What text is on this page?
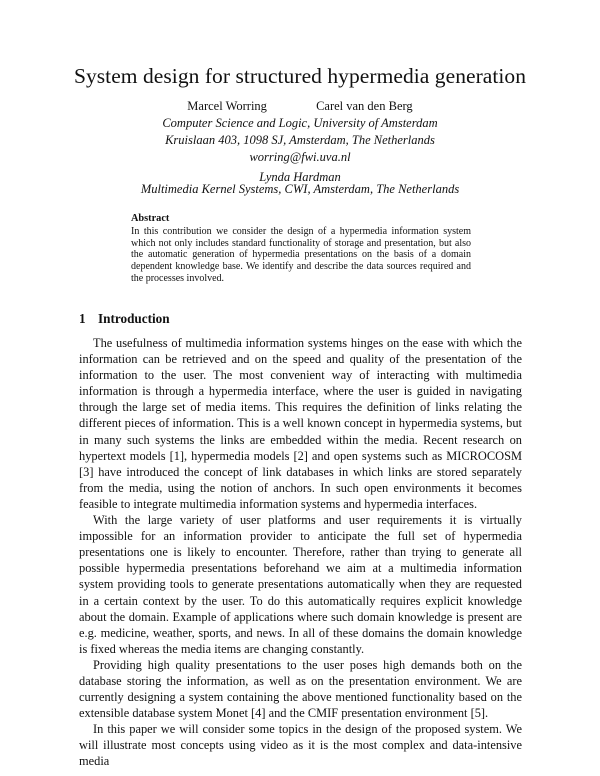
System design for structured hypermedia generation
Marcel Worring	Carel van den Berg
Computer Science and Logic, University of Amsterdam
Kruislaan 403, 1098 SJ, Amsterdam, The Netherlands
worring@fwi.uva.nl
Lynda Hardman
Multimedia Kernel Systems, CWI, Amsterdam, The Netherlands
Abstract
In this contribution we consider the design of a hypermedia information system which not only includes standard functionality of storage and presentation, but also the automatic generation of hypermedia presentations on the basis of a domain dependent knowledge base. We identify and describe the data sources required and the processes involved.
1 Introduction

The usefulness of multimedia information systems hinges on the ease with which the information can be retrieved and on the speed and quality of the presentation of the information to the user. The most convenient way of interacting with multimedia information is through a hypermedia interface, where the user is guided in navigating through the large set of media items. This requires the definition of links relating the different pieces of information. This is a well known concept in hypermedia systems, but in many such systems the links are embedded within the media. Recent research on hypertext models [1], hypermedia models [2] and open systems such as MICROCOSM [3] have introduced the concept of link databases in which links are stored separately from the media, using the notion of anchors. In such open environments it becomes feasible to integrate multimedia information systems and hypermedia interfaces.

With the large variety of user platforms and user requirements it is virtually impossible for an information provider to anticipate the full set of hypermedia presentations one is likely to encounter. Therefore, rather than trying to generate all possible hypermedia presentations beforehand we aim at a multimedia information system providing tools to generate presentations automatically when they are requested in a certain context by the user. To do this automatically requires explicit knowledge about the domain. Example of applications where such domain knowledge is present are e.g. medicine, weather, sports, and news. In all of these domains the domain knowledge is fixed whereas the media items are changing constantly.

Providing high quality presentations to the user poses high demands both on the database storing the information, as well as on the presentation environment. We are currently designing a system containing the above mentioned functionality based on the extensible database system Monet [4] and the CMIF presentation environment [5].

In this paper we will consider some topics in the design of the proposed system. We will illustrate most concepts using video as it is the most complex and data-intensive media
